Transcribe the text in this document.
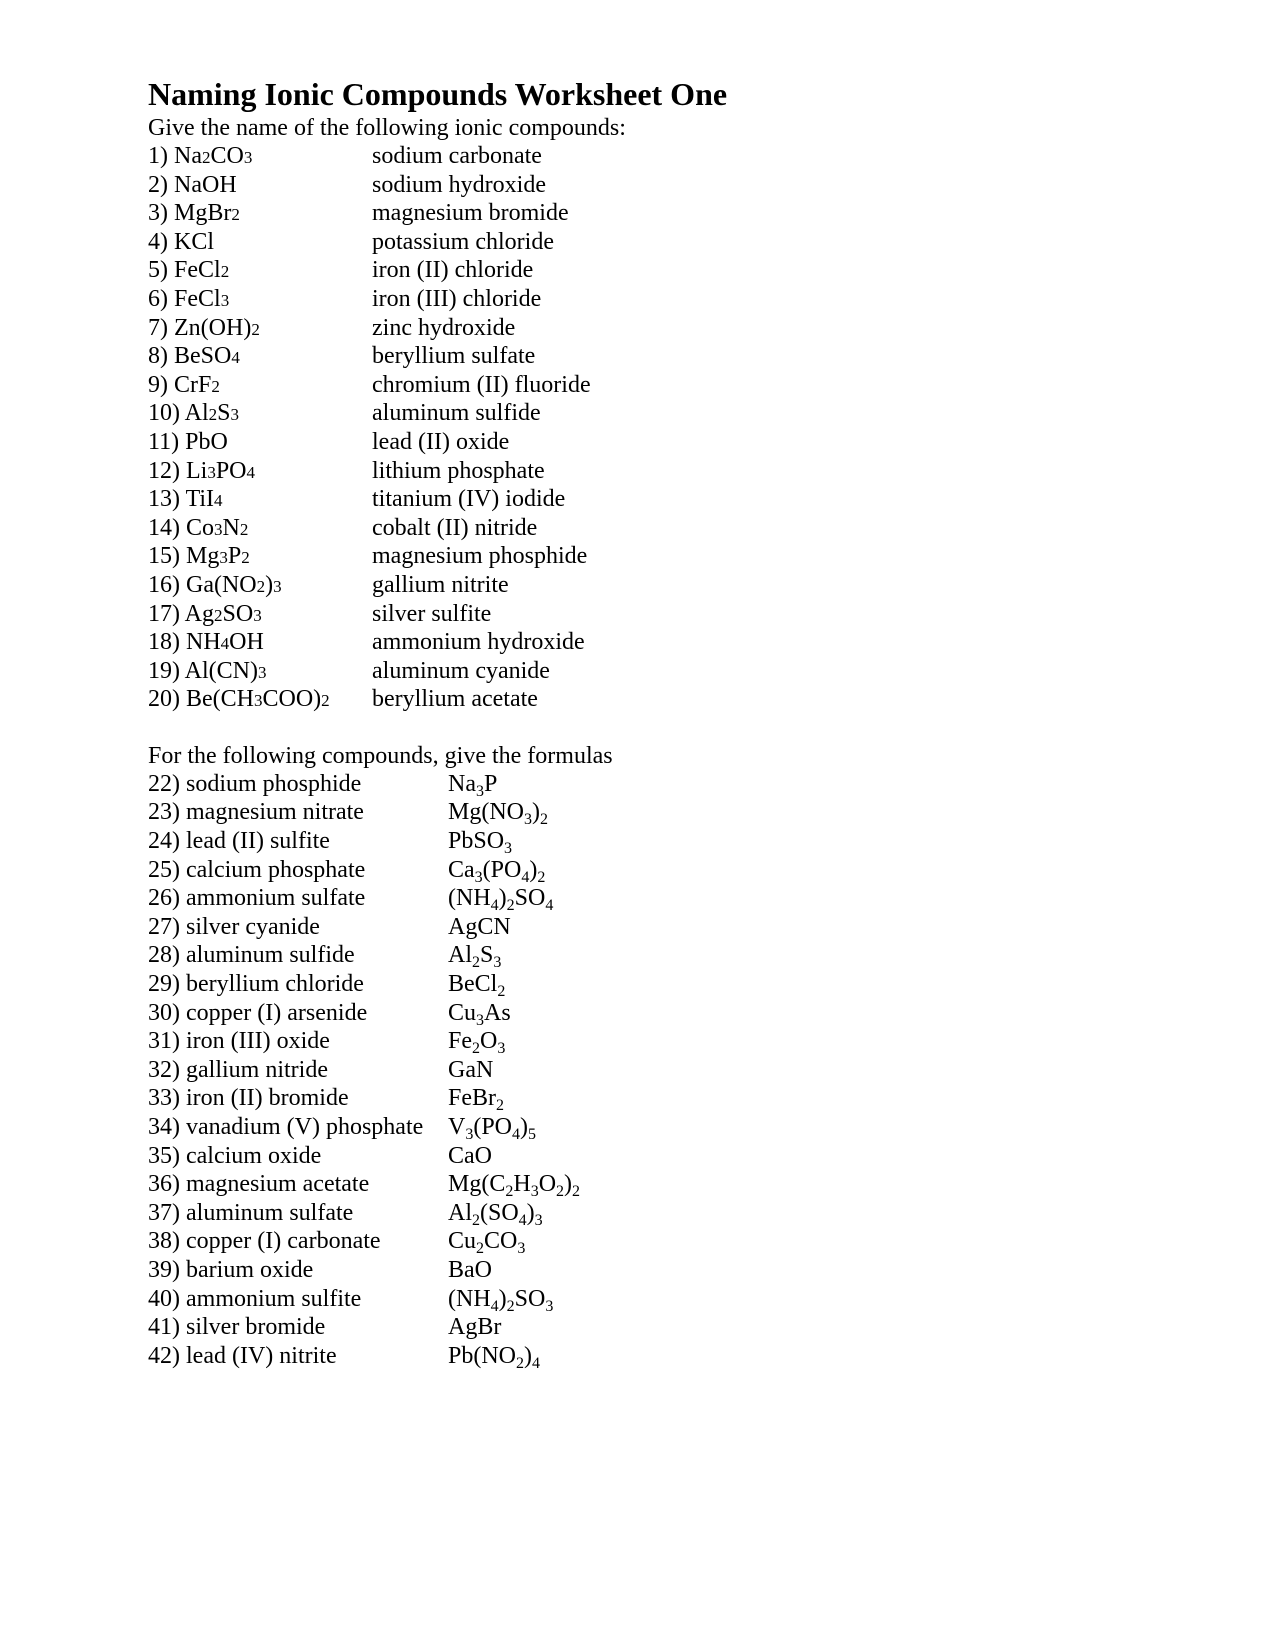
Naming Ionic Compounds Worksheet One
Give the name of the following ionic compounds:
1) Na2CO3	sodium carbonate
2) NaOH	sodium hydroxide
3) MgBr2	magnesium bromide
4) KCl	potassium chloride
5) FeCl2	iron (II) chloride
6) FeCl3	iron (III) chloride
7) Zn(OH)2	zinc hydroxide
8) BeSO4	beryllium sulfate
9) CrF2	chromium (II) fluoride
10) Al2S3	aluminum sulfide
11) PbO	lead (II) oxide
12) Li3PO4	lithium phosphate
13) TiI4	titanium (IV) iodide
14) Co3N2	cobalt (II) nitride
15) Mg3P2	magnesium phosphide
16) Ga(NO2)3	gallium nitrite
17) Ag2SO3	silver sulfite
18) NH4OH	ammonium hydroxide
19) Al(CN)3	aluminum cyanide
20) Be(CH3COO)2 beryllium acetate
For the following compounds, give the formulas
22) sodium phosphide	$Na_3P$
23) magnesium nitrate	$Mg(NO_3)_2$
24) lead (II) sulfite	PbSO$_3$
25) calcium phosphate	$Ca_3(PO_4)_2$
26) ammonium sulfate	$(NH_4)_2SO_4$
27) silver cyanide	AgCN
28) aluminum sulfide	$Al_2S_3$
29) beryllium chloride	BeCl$_2$
30) copper (I) arsenide	$Cu_3As$
31) iron (III) oxide	$Fe_2O_3$
32) gallium nitride	GaN
33) iron (II) bromide	FeBr$_2$
34) vanadium (V) phosphate $V_3(PO_4)_5$
35) calcium oxide	CaO
36) magnesium acetate	$Mg(C_2H_3O_2)_2$
37) aluminum sulfate	$Al_2(SO_4)_3$
38) copper (I) carbonate	$Cu_2CO_3$
39) barium oxide	BaO
40) ammonium sulfite	$(NH_4)_2SO_3$
41) silver bromide	AgBr
42) lead (IV) nitrite	$Pb(NO_2)_4$
